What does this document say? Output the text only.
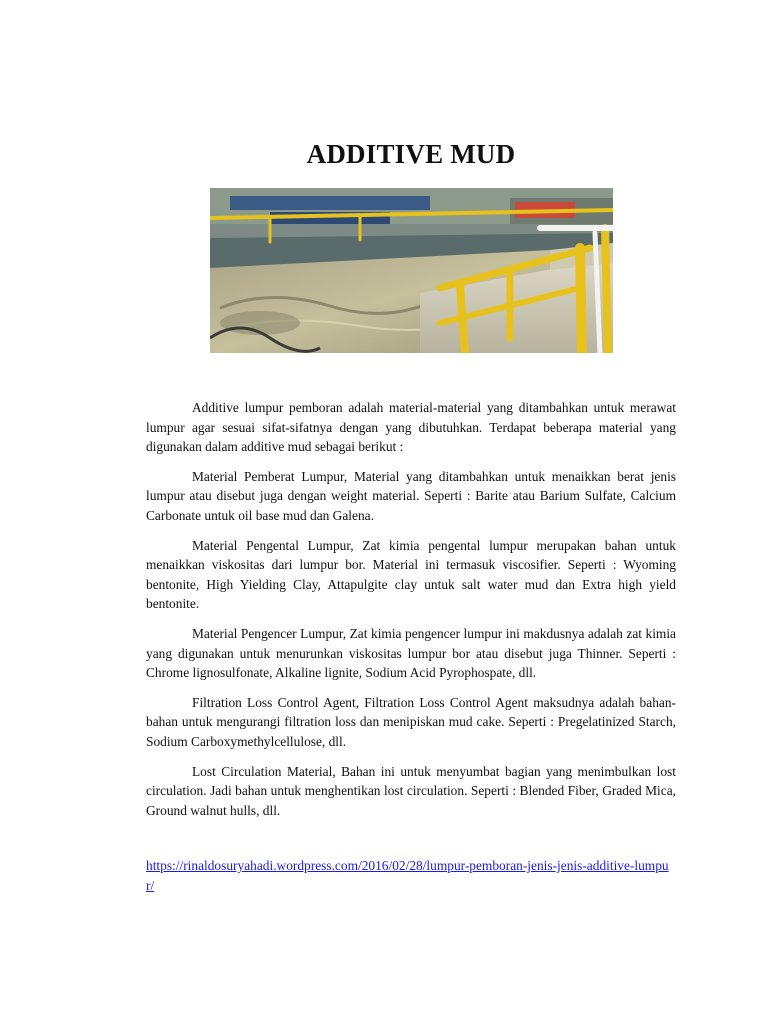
ADDITIVE MUD

Additive lumpur pemboran adalah material-material yang ditambahkan untuk merawat lumpur agar sesuai sifat-sifatnya dengan yang dibutuhkan. Terdapat beberapa material yang digunakan dalam additive mud sebagai berikut :

Material Pemberat Lumpur, Material yang ditambahkan untuk menaikkan berat jenis lumpur atau disebut juga dengan weight material. Seperti : Barite atau Barium Sulfate, Calcium Carbonate untuk oil base mud dan Galena.

Material Pengental Lumpur, Zat kimia pengental lumpur merupakan bahan untuk menaikkan viskositas dari lumpur bor. Material ini termasuk viscosifier. Seperti : Wyoming bentonite, High Yielding Clay, Attapulgite clay untuk salt water mud dan Extra high yield bentonite.

Material Pengencer Lumpur, Zat kimia pengencer lumpur ini makdusnya adalah zat kimia yang digunakan untuk menurunkan viskositas lumpur bor atau disebut juga Thinner. Seperti : Chrome lignosulfonate, Alkaline lignite, Sodium Acid Pyrophospate, dll.

Filtration Loss Control Agent, Filtration Loss Control Agent maksudnya adalah bahan-bahan untuk mengurangi filtration loss dan menipiskan mud cake. Seperti : Pregelatinized Starch, Sodium Carboxymethylcellulose, dll.

Lost Circulation Material, Bahan ini untuk menyumbat bagian yang menimbulkan lost circulation. Jadi bahan untuk menghentikan lost circulation. Seperti : Blended Fiber, Graded Mica, Ground walnut hulls, dll.

https://rinaldosuryahadi.wordpress.com/2016/02/28/lumpur-pemboran-jenis-jenis-additive-lumpur/
